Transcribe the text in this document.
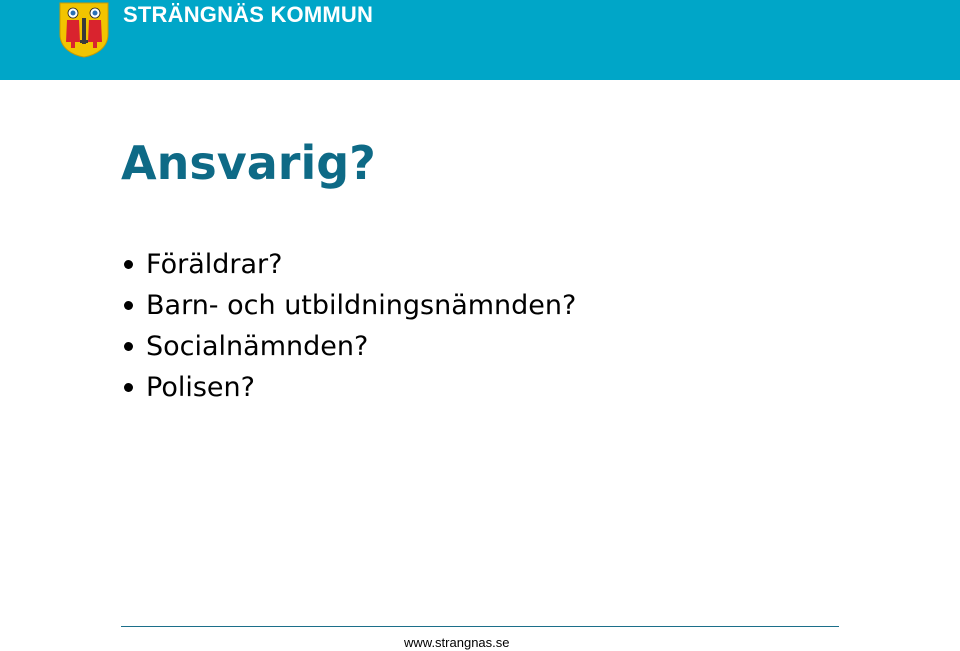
STRÄNGNÄS KOMMUN
Ansvarig?
Föräldrar?
Barn- och utbildningsnämnden?
Socialnämnden?
Polisen?
www.strangnas.se
